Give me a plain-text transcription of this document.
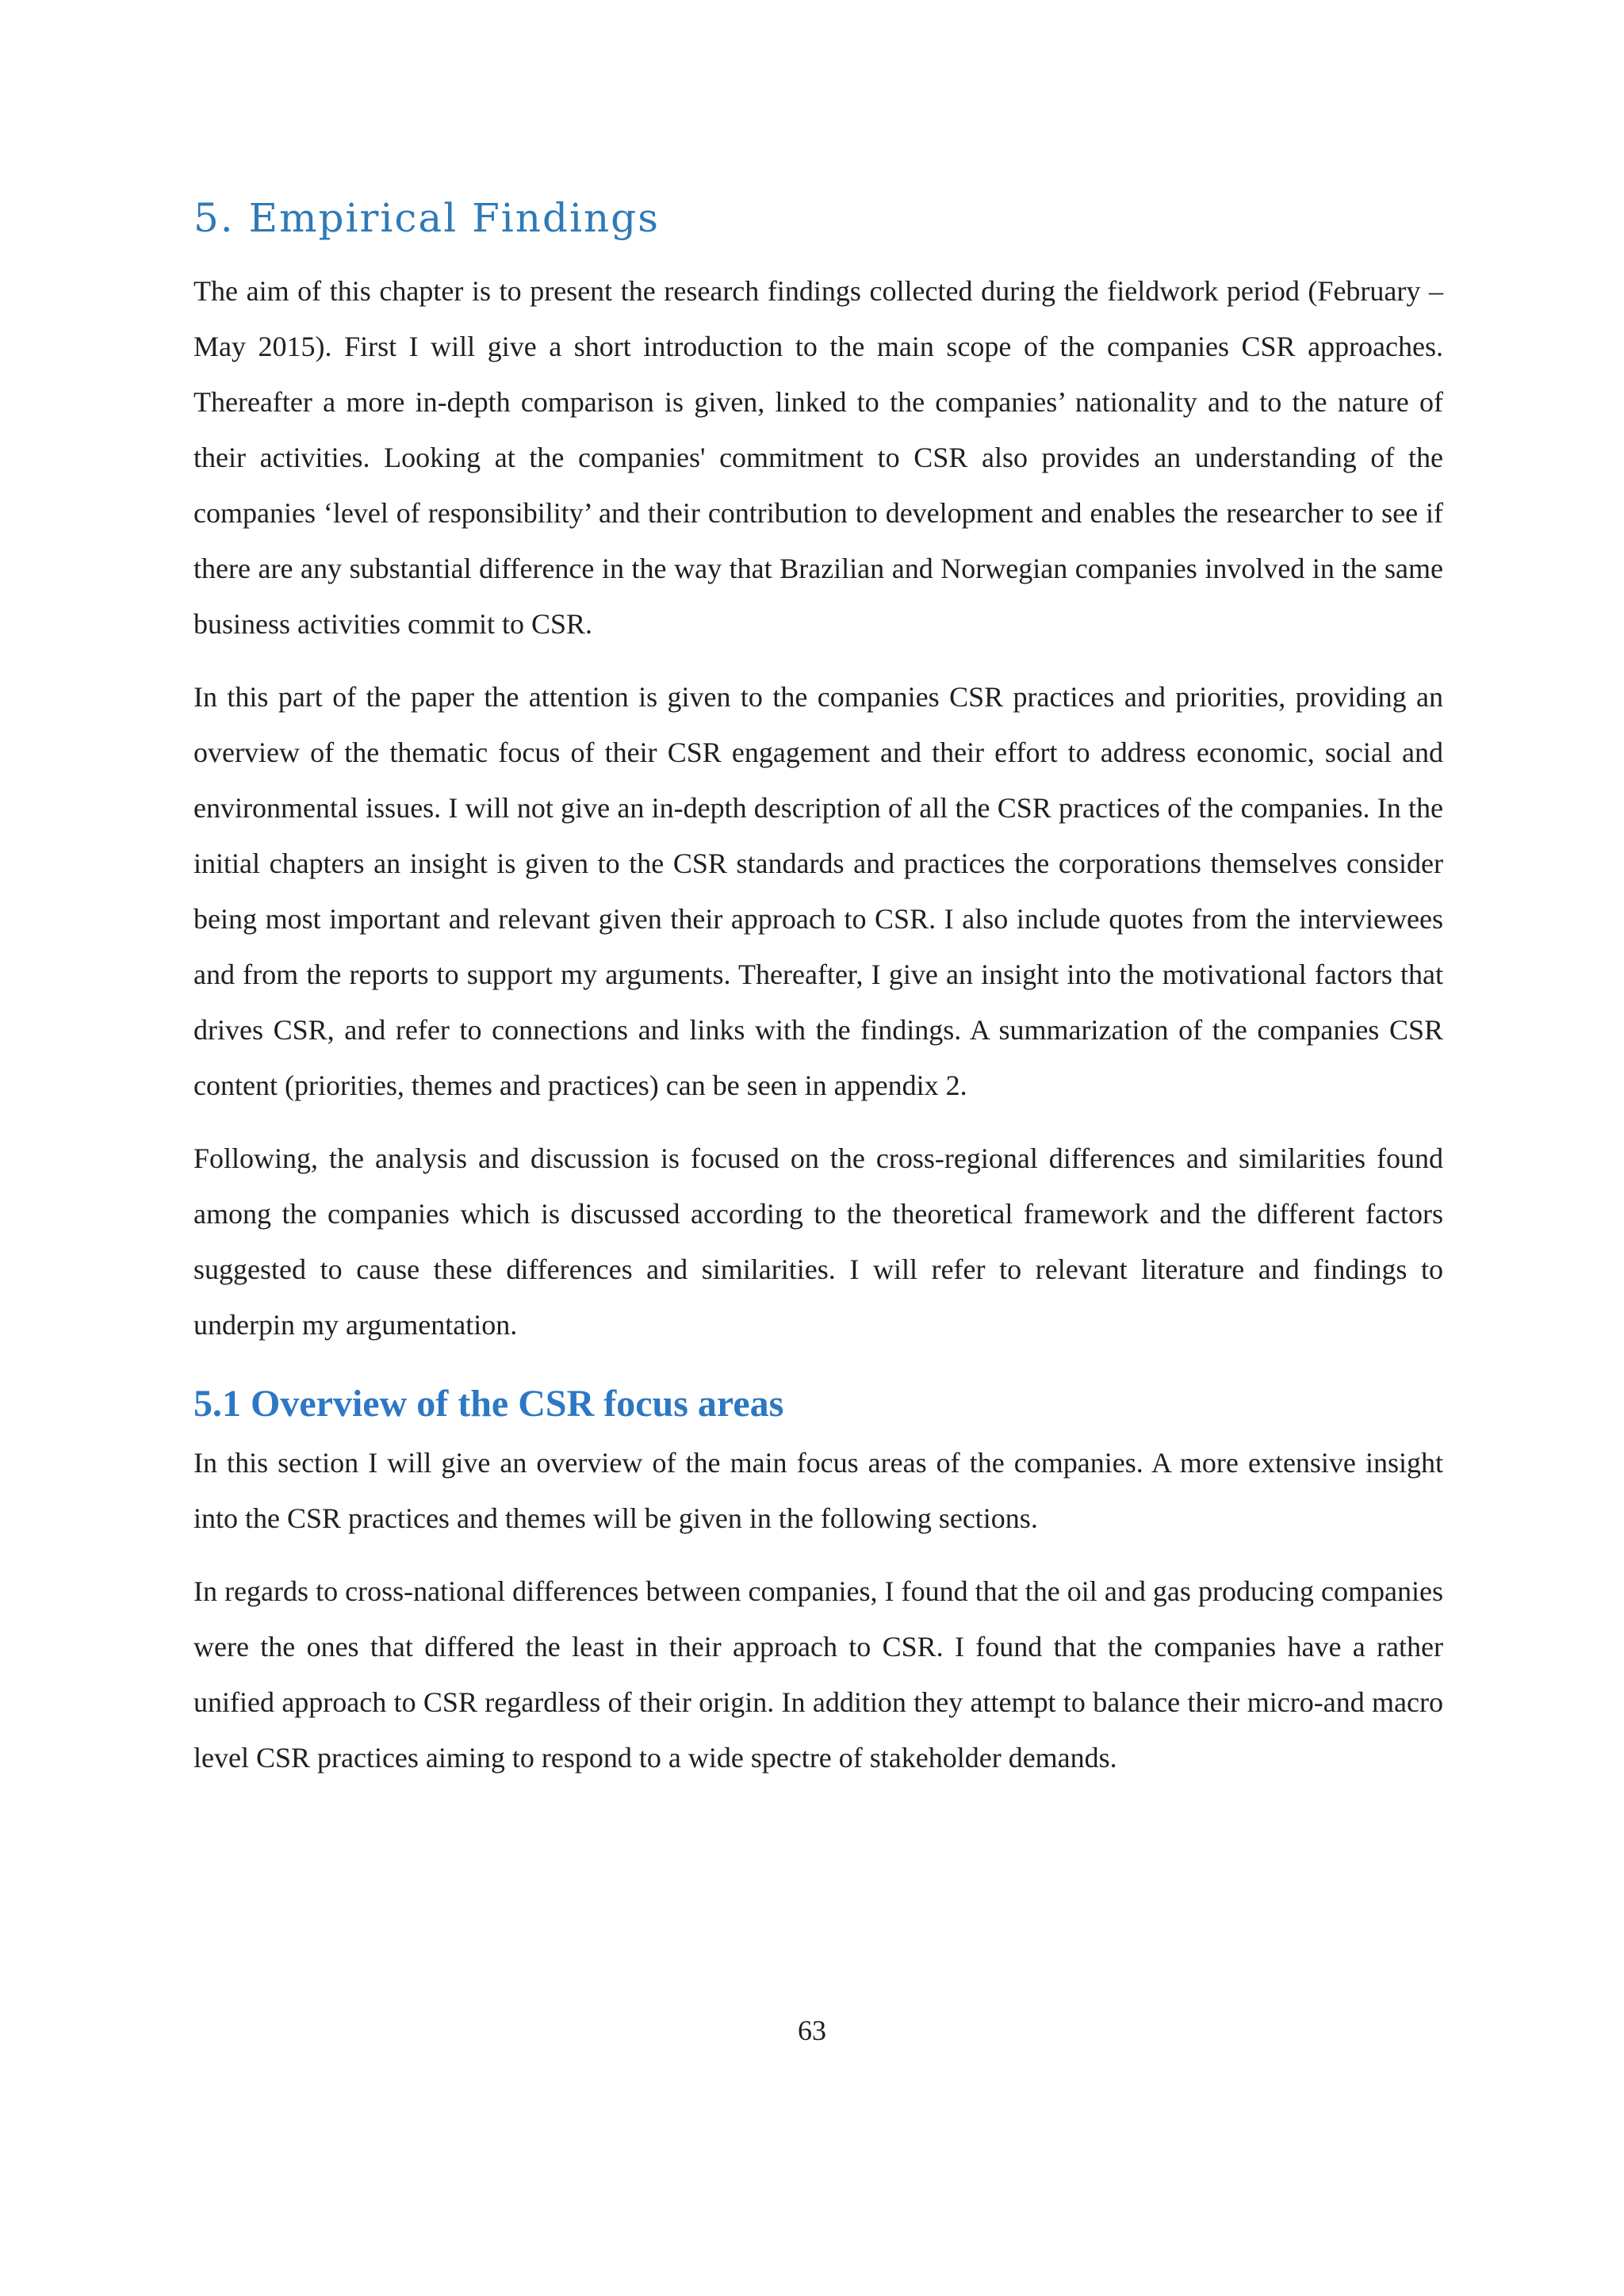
5. Empirical Findings

The aim of this chapter is to present the research findings collected during the fieldwork period (February – May 2015). First I will give a short introduction to the main scope of the companies CSR approaches. Thereafter a more in-depth comparison is given, linked to the companies’ nationality and to the nature of their activities. Looking at the companies' commitment to CSR also provides an understanding of the companies ‘level of responsibility’ and their contribution to development and enables the researcher to see if there are any substantial difference in the way that Brazilian and Norwegian companies involved in the same business activities commit to CSR.

In this part of the paper the attention is given to the companies CSR practices and priorities, providing an overview of the thematic focus of their CSR engagement and their effort to address economic, social and environmental issues. I will not give an in-depth description of all the CSR practices of the companies. In the initial chapters an insight is given to the CSR standards and practices the corporations themselves consider being most important and relevant given their approach to CSR. I also include quotes from the interviewees and from the reports to support my arguments. Thereafter, I give an insight into the motivational factors that drives CSR, and refer to connections and links with the findings. A summarization of the companies CSR content (priorities, themes and practices) can be seen in appendix 2.

Following, the analysis and discussion is focused on the cross-regional differences and similarities found among the companies which is discussed according to the theoretical framework and the different factors suggested to cause these differences and similarities. I will refer to relevant literature and findings to underpin my argumentation.

5.1 Overview of the CSR focus areas

In this section I will give an overview of the main focus areas of the companies. A more extensive insight into the CSR practices and themes will be given in the following sections.

In regards to cross-national differences between companies, I found that the oil and gas producing companies were the ones that differed the least in their approach to CSR. I found that the companies have a rather unified approach to CSR regardless of their origin. In addition they attempt to balance their micro-and macro level CSR practices aiming to respond to a wide spectre of stakeholder demands.

63
